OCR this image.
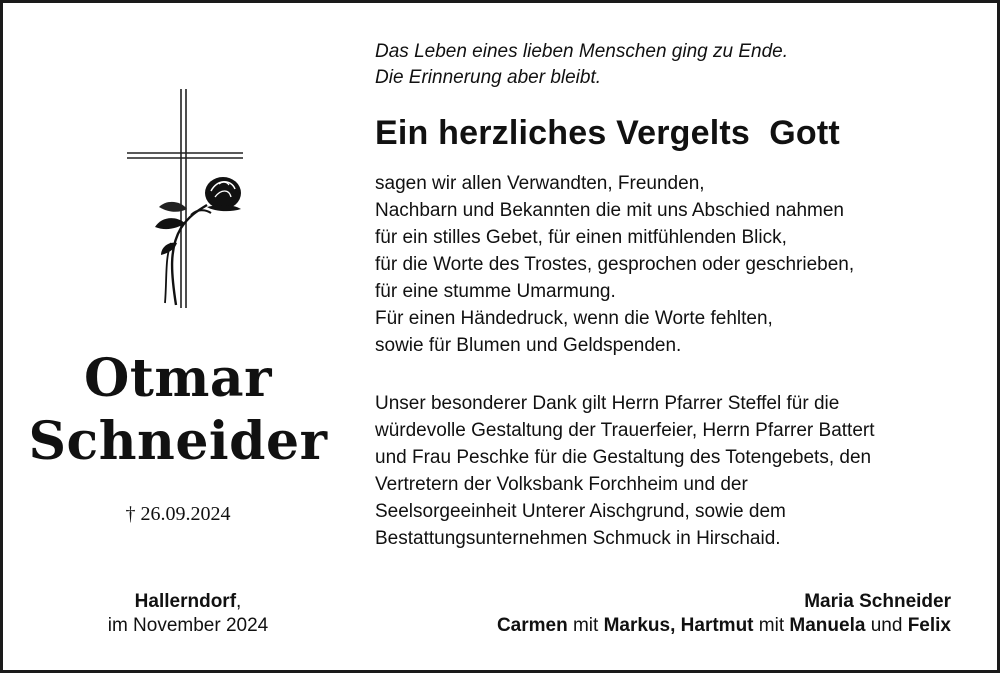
Otmar
Schneider
† 26.09.2024
Hallerndorf,
im November 2024
Das Leben eines lieben Menschen ging zu Ende.
Die Erinnerung aber bleibt.
Ein herzliches Vergelts  Gott
sagen wir allen Verwandten, Freunden,
Nachbarn und Bekannten die mit uns Abschied nahmen
für ein stilles Gebet, für einen mitfühlenden Blick,
für die Worte des Trostes, gesprochen oder geschrieben,
für eine stumme Umarmung.
Für einen Händedruck, wenn die Worte fehlten,
sowie für Blumen und Geldspenden.
Unser besonderer Dank gilt Herrn Pfarrer Steffel für die
würdevolle Gestaltung der Trauerfeier, Herrn Pfarrer Battert
und Frau Peschke für die Gestaltung des Totengebets, den
Vertretern der Volksbank Forchheim und der
Seelsorgeeinheit Unterer Aischgrund, sowie dem
Bestattungsunternehmen Schmuck in Hirschaid.
Maria Schneider
Carmen mit Markus, Hartmut mit Manuela und Felix
